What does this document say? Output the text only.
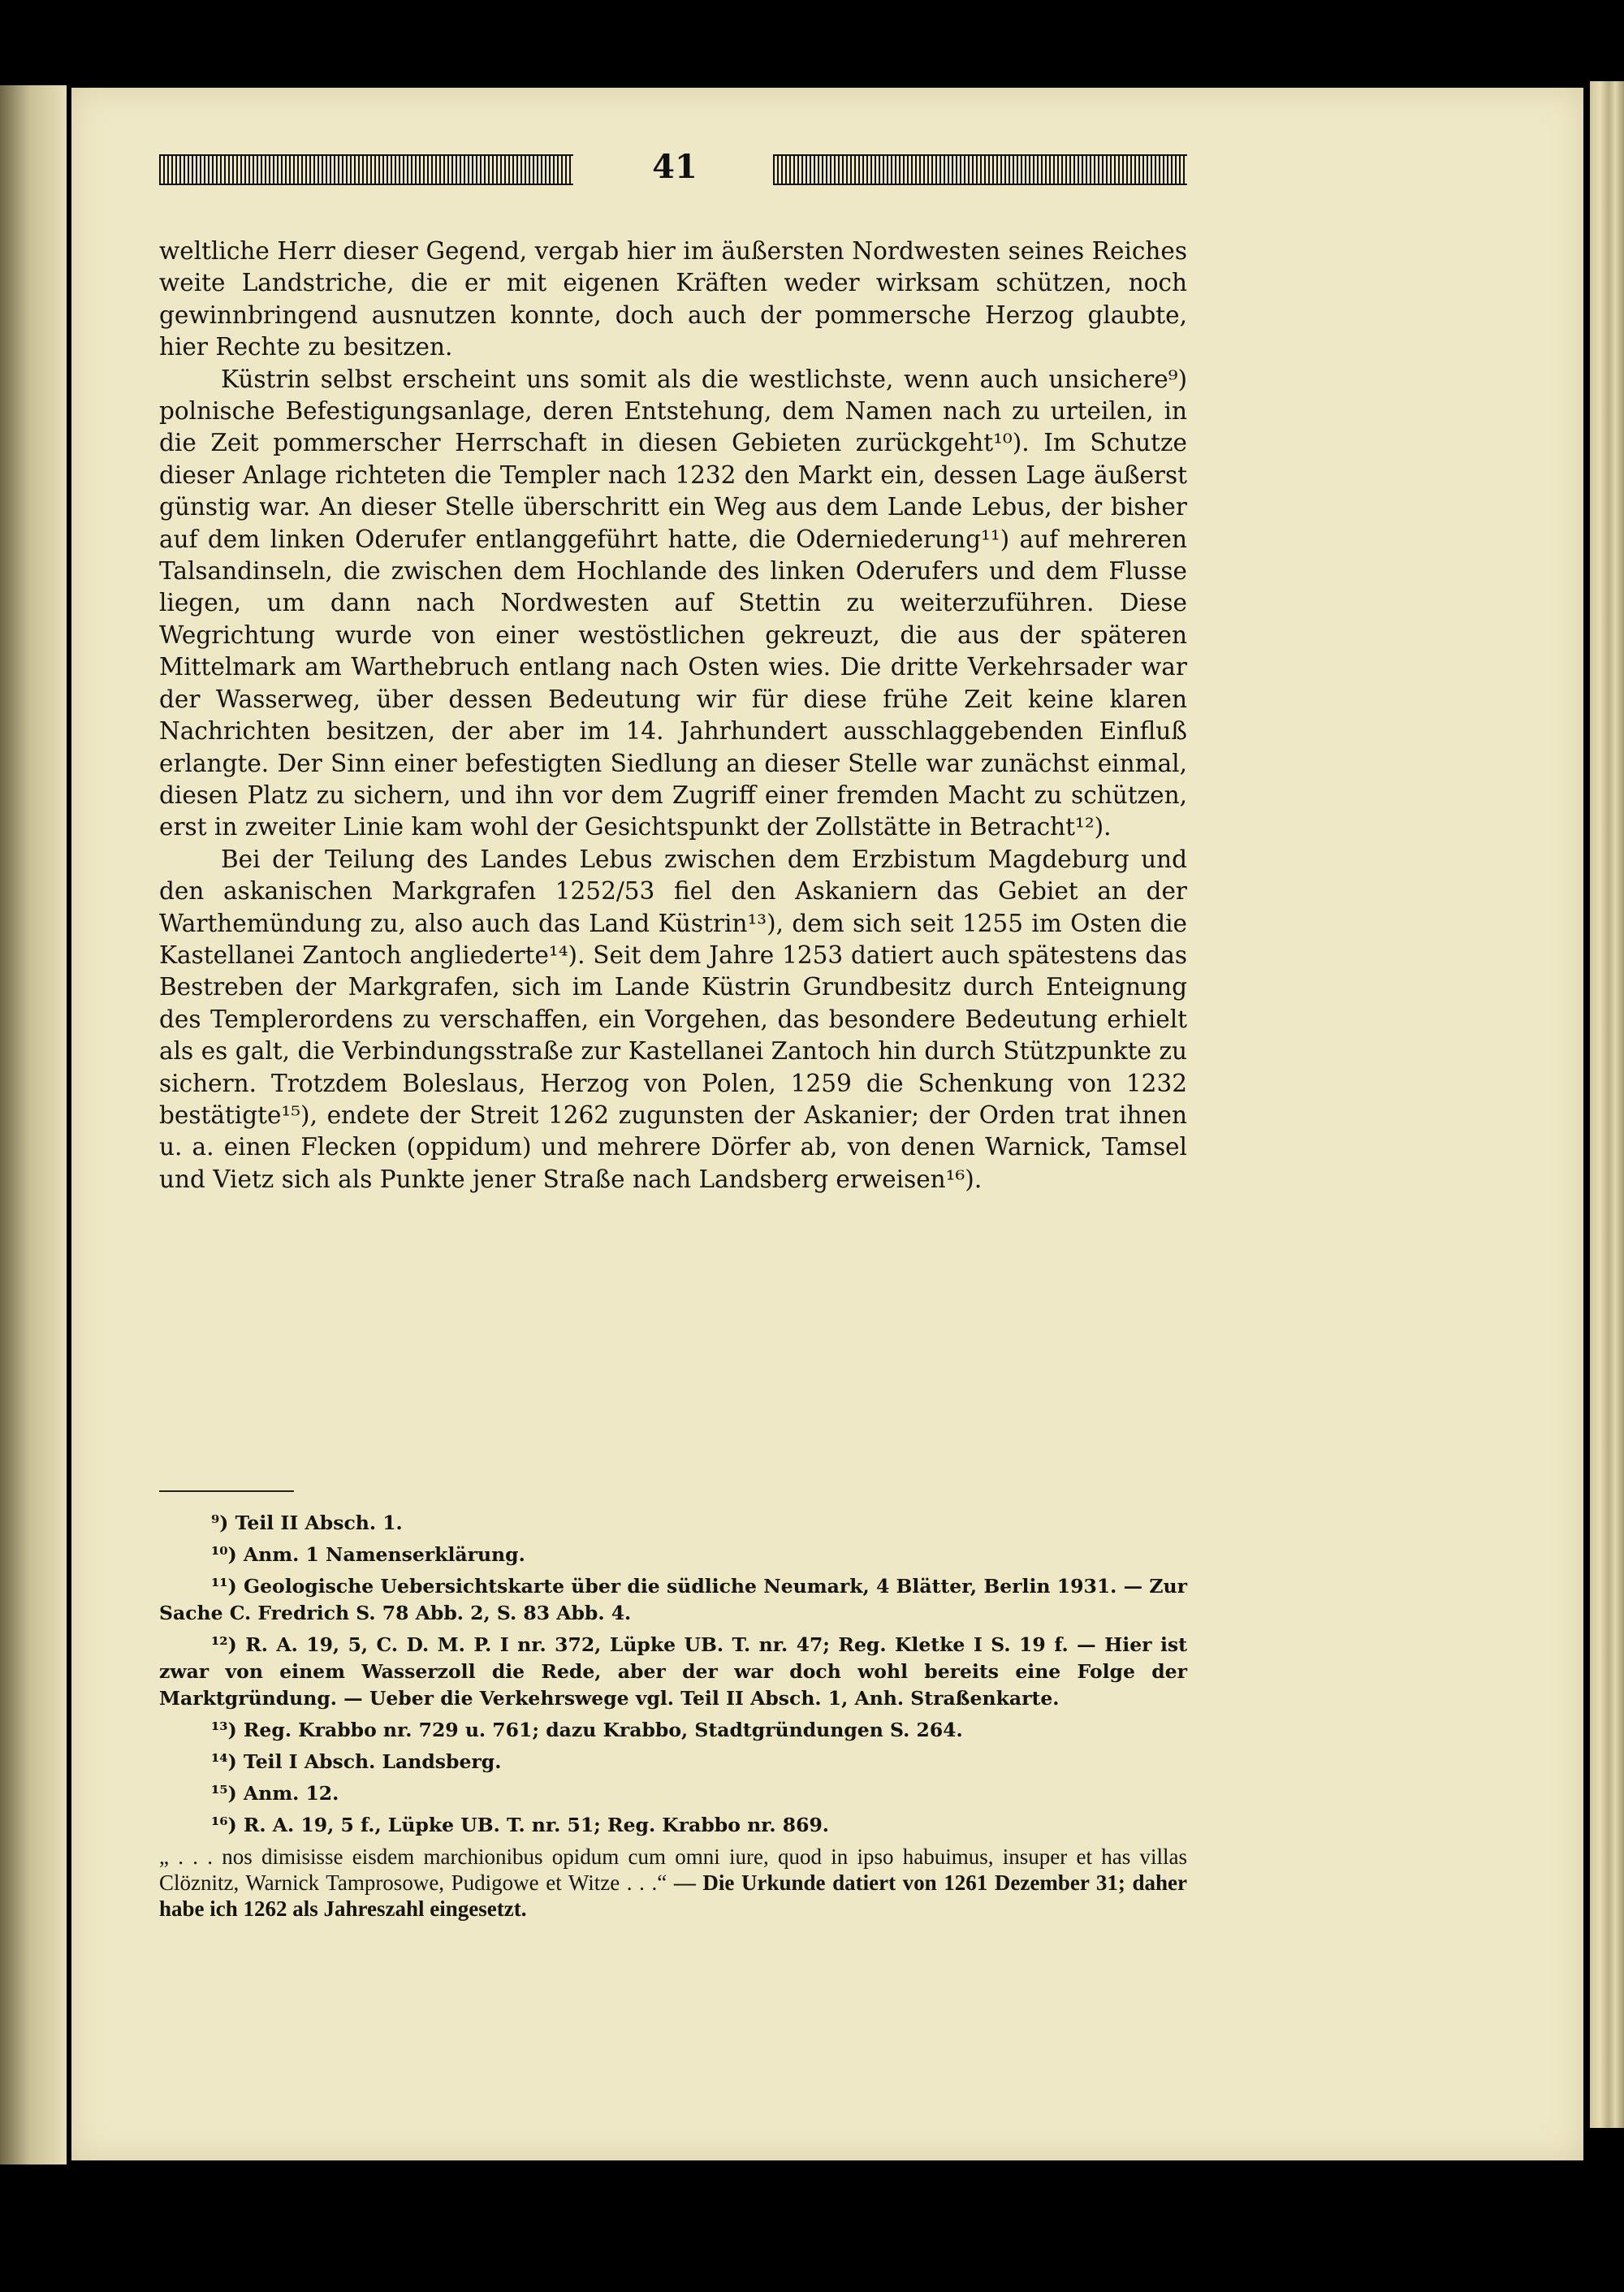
41

weltliche Herr dieser Gegend, vergab hier im äußersten Nordwesten seines Reiches weite Landstriche, die er mit eigenen Kräften weder wirksam schützen, noch gewinnbringend ausnutzen konnte, doch auch der pommersche Herzog glaubte, hier Rechte zu besitzen.

Küstrin selbst erscheint uns somit als die westlichste, wenn auch unsichere⁹) polnische Befestigungsanlage, deren Entstehung, dem Namen nach zu urteilen, in die Zeit pommerscher Herrschaft in diesen Gebieten zurückgeht¹⁰). Im Schutze dieser Anlage richteten die Templer nach 1232 den Markt ein, dessen Lage äußerst günstig war. An dieser Stelle überschritt ein Weg aus dem Lande Lebus, der bisher auf dem linken Oderufer entlanggeführt hatte, die Oderniederung¹¹) auf mehreren Talsandinseln, die zwischen dem Hochlande des linken Oderufers und dem Flusse liegen, um dann nach Nordwesten auf Stettin zu weiterzuführen. Diese Wegrichtung wurde von einer westöstlichen gekreuzt, die aus der späteren Mittelmark am Warthebruch entlang nach Osten wies. Die dritte Verkehrsader war der Wasserweg, über dessen Bedeutung wir für diese frühe Zeit keine klaren Nachrichten besitzen, der aber im 14. Jahrhundert ausschlaggebenden Einfluß erlangte. Der Sinn einer befestigten Siedlung an dieser Stelle war zunächst einmal, diesen Platz zu sichern, und ihn vor dem Zugriff einer fremden Macht zu schützen, erst in zweiter Linie kam wohl der Gesichtspunkt der Zollstätte in Betracht¹²).

Bei der Teilung des Landes Lebus zwischen dem Erzbistum Magdeburg und den askanischen Markgrafen 1252/53 fiel den Askaniern das Gebiet an der Warthemündung zu, also auch das Land Küstrin¹³), dem sich seit 1255 im Osten die Kastellanei Zantoch angliederte¹⁴). Seit dem Jahre 1253 datiert auch spätestens das Bestreben der Markgrafen, sich im Lande Küstrin Grundbesitz durch Enteignung des Templerordens zu verschaffen, ein Vorgehen, das besondere Bedeutung erhielt als es galt, die Verbindungsstraße zur Kastellanei Zantoch hin durch Stützpunkte zu sichern. Trotzdem Boleslaus, Herzog von Polen, 1259 die Schenkung von 1232 bestätigte¹⁵), endete der Streit 1262 zugunsten der Askanier; der Orden trat ihnen u. a. einen Flecken (oppidum) und mehrere Dörfer ab, von denen Warnick, Tamsel und Vietz sich als Punkte jener Straße nach Landsberg erweisen¹⁶).

⁹) Teil II Absch. 1.

¹⁰) Anm. 1 Namenserklärung.

¹¹) Geologische Uebersichtskarte über die südliche Neumark, 4 Blätter, Berlin 1931. — Zur Sache C. Fredrich S. 78 Abb. 2, S. 83 Abb. 4.

¹²) R. A. 19, 5, C. D. M. P. I nr. 372, Lüpke UB. T. nr. 47; Reg. Kletke I S. 19 f. — Hier ist zwar von einem Wasserzoll die Rede, aber der war doch wohl bereits eine Folge der Marktgründung. — Ueber die Verkehrswege vgl. Teil II Absch. 1, Anh. Straßenkarte.

¹³) Reg. Krabbo nr. 729 u. 761; dazu Krabbo, Stadtgründungen S. 264.

¹⁴) Teil I Absch. Landsberg.

¹⁵) Anm. 12.

¹⁶) R. A. 19, 5 f., Lüpke UB. T. nr. 51; Reg. Krabbo nr. 869.

„ . . . nos dimisisse eisdem marchionibus opidum cum omni iure, quod in ipso habuimus, insuper et has villas Clöznitz, Warnick Tamprosowe, Pudigowe et Witze . . .“ — Die Urkunde datiert von 1261 Dezember 31; daher habe ich 1262 als Jahreszahl eingesetzt.
